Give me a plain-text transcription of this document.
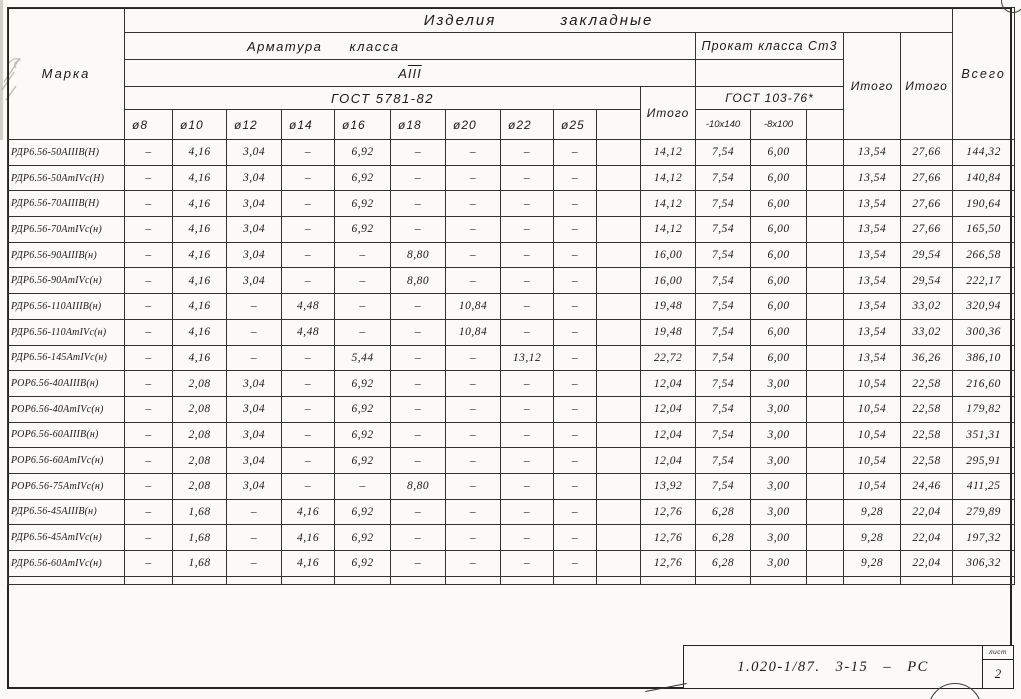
Марка	Изделия закладные																Всего
	Арматура класса											Прокат класса Ст3			Итого	Итого	
	$А\overline{III}$	
	ГОСТ 5781-82										Итого	ГОСТ 103-76*					
	ø8	ø10	ø12	ø14	ø16	ø18	ø20	ø22	ø25			-10x140	-8x100				
РДР6.56-50АIIIВ(Н)	–	4,16	3,04	–	6,92	–	–	–	–		14,12	7,54	6,00		13,54	27,66	144,32
РДР6.56-50АтIVс(Н)	–	4,16	3,04	–	6,92	–	–	–	–		14,12	7,54	6,00		13,54	27,66	140,84
РДР6.56-70АIIIВ(Н)	–	4,16	3,04	–	6,92	–	–	–	–		14,12	7,54	6,00		13,54	27,66	190,64
РДР6.56-70АтIVс(н)	–	4,16	3,04	–	6,92	–	–	–	–		14,12	7,54	6,00		13,54	27,66	165,50
РДР6.56-90АIIIВ(н)	–	4,16	3,04	–	–	8,80	–	–	–		16,00	7,54	6,00		13,54	29,54	266,58
РДР6.56-90АтIVс(н)	–	4,16	3,04	–	–	8,80	–	–	–		16,00	7,54	6,00		13,54	29,54	222,17
РДР6.56-110АIIIВ(н)	–	4,16	–	4,48	–	–	10,84	–	–		19,48	7,54	6,00		13,54	33,02	320,94
РДР6.56-110АтIVс(н)	–	4,16	–	4,48	–	–	10,84	–	–		19,48	7,54	6,00		13,54	33,02	300,36
РДР6.56-145АтIVс(н)	–	4,16	–	–	5,44	–	–	13,12	–		22,72	7,54	6,00		13,54	36,26	386,10
РОР6.56-40АIIIВ(н)	–	2,08	3,04	–	6,92	–	–	–	–		12,04	7,54	3,00		10,54	22,58	216,60
РОР6.56-40АтIVс(н)	–	2,08	3,04	–	6,92	–	–	–	–		12,04	7,54	3,00		10,54	22,58	179,82
РОР6.56-60АIIIВ(н)	–	2,08	3,04	–	6,92	–	–	–	–		12,04	7,54	3,00		10,54	22,58	351,31
РОР6.56-60АтIVс(н)	–	2,08	3,04	–	6,92	–	–	–	–		12,04	7,54	3,00		10,54	22,58	295,91
РОР6.56-75АтIVс(н)	–	2,08	3,04	–	–	8,80	–	–	–		13,92	7,54	3,00		10,54	24,46	411,25
РДР6.56-45АIIIВ(н)	–	1,68	–	4,16	6,92	–	–	–	–		12,76	6,28	3,00		9,28	22,04	279,89
РДР6.56-45АтIVс(н)	–	1,68	–	4,16	6,92	–	–	–	–		12,76	6,28	3,00		9,28	22,04	197,32
РДР6.56-60АтIVс(н)	–	1,68	–	4,16	6,92	–	–	–	–		12,76	6,28	3,00		9,28	22,04	306,32

1.020-1/87. 3-15 – РС
лист
2
